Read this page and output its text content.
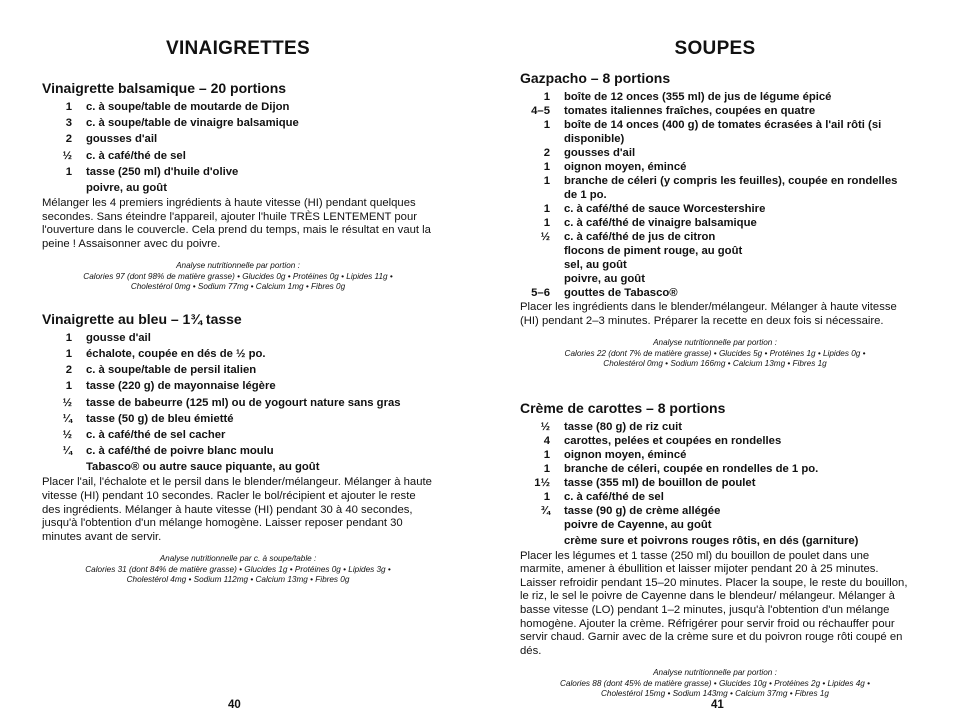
VINAIGRETTES
Vinaigrette balsamique – 20 portions
1	c. à soupe/table de moutarde de Dijon
3	c. à soupe/table de vinaigre balsamique
2	gousses d'ail
½	c. à café/thé de sel
1	tasse (250 ml) d'huile d'olive
poivre, au goût

Mélanger les 4 premiers ingrédients à haute vitesse (HI) pendant quelques secondes. Sans éteindre l'appareil, ajouter l'huile TRÈS LENTEMENT pour l'ouverture dans le couvercle. Cela prend du temps, mais le résultat en vaut la peine ! Assaisonner avec du poivre.

Analyse nutritionnelle par portion :
Calories 97 (dont 98% de matière grasse) • Glucides 0g • Protéines 0g • Lipides 11g •
Cholestérol 0mg • Sodium 77mg • Calcium 1mg • Fibres 0g
Vinaigrette au bleu – 1¾ tasse
1	gousse d'ail
1	échalote, coupée en dés de ½ po.
2	c. à soupe/table de persil italien
1	tasse (220 g) de mayonnaise légère
½	tasse de babeurre (125 ml) ou de yogourt nature sans gras
¼	tasse (50 g) de bleu émietté
½	c. à café/thé de sel cacher
¼	c. à café/thé de poivre blanc moulu
Tabasco® ou autre sauce piquante, au goût

Placer l'ail, l'échalote et le persil dans le blender/mélangeur. Mélanger à haute vitesse (HI) pendant 10 secondes. Racler le bol/récipient et ajouter le reste des ingrédients. Mélanger à haute vitesse (HI) pendant 30 à 40 secondes, jusqu'à l'obtention d'un mélange homogène. Laisser reposer pendant 30 minutes avant de servir.

Analyse nutritionnelle par c. à soupe/table :
Calories 31 (dont 84% de matière grasse) • Glucides 1g • Protéines 0g • Lipides 3g •
Cholestérol 4mg • Sodium 112mg • Calcium 13mg • Fibres 0g
40
SOUPES
Gazpacho – 8 portions
1	boîte de 12 onces (355 ml) de jus de légume épicé
4–5	tomates italiennes fraîches, coupées en quatre
1	boîte de 14 onces (400 g) de tomates écrasées à l'ail rôti (si disponible)
2	gousses d'ail
1	oignon moyen, émincé
1	branche de céleri (y compris les feuilles), coupée en rondelles de 1 po.
1	c. à café/thé de sauce Worcestershire
1	c. à café/thé de vinaigre balsamique
½	c. à café/thé de jus de citron
flocons de piment rouge, au goût
sel, au goût
poivre, au goût
5–6	gouttes de Tabasco®

Placer les ingrédients dans le blender/mélangeur. Mélanger à haute vitesse (HI) pendant 2–3 minutes. Préparer la recette en deux fois si nécessaire.

Analyse nutritionnelle par portion :
Calories 22 (dont 7% de matière grasse) • Glucides 5g • Protéines 1g • Lipides 0g •
Cholestérol 0mg • Sodium 166mg • Calcium 13mg • Fibres 1g
Crème de carottes – 8 portions
½	tasse (80 g) de riz cuit
4	carottes, pelées et coupées en rondelles
1	oignon moyen, émincé
1	branche de céleri, coupée en rondelles de 1 po.
1½	tasse (355 ml) de bouillon de poulet
1	c. à café/thé de sel
¾	tasse (90 g) de crème allégée
poivre de Cayenne, au goût
crème sure et poivrons rouges rôtis, en dés (garniture)

Placer les légumes et 1 tasse (250 ml) du bouillon de poulet dans une marmite, amener à ébullition et laisser mijoter pendant 20 à 25 minutes. Laisser refroidir pendant 15–20 minutes. Placer la soupe, le reste du bouillon, le riz, le sel le poivre de Cayenne dans le blendeur/ mélangeur. Mélanger à basse vitesse (LO) pendant 1–2 minutes, jusqu'à l'obtention d'un mélange homogène. Ajouter la crème. Réfrigérer pour servir froid ou réchauffer pour servir chaud. Garnir avec de la crème sure et du poivron rouge rôti coupé en dés.

Analyse nutritionnelle par portion :
Calories 88 (dont 45% de matière grasse) • Glucides 10g • Protéines 2g • Lipides 4g •
Cholestérol 15mg • Sodium 143mg • Calcium 37mg • Fibres 1g
41
